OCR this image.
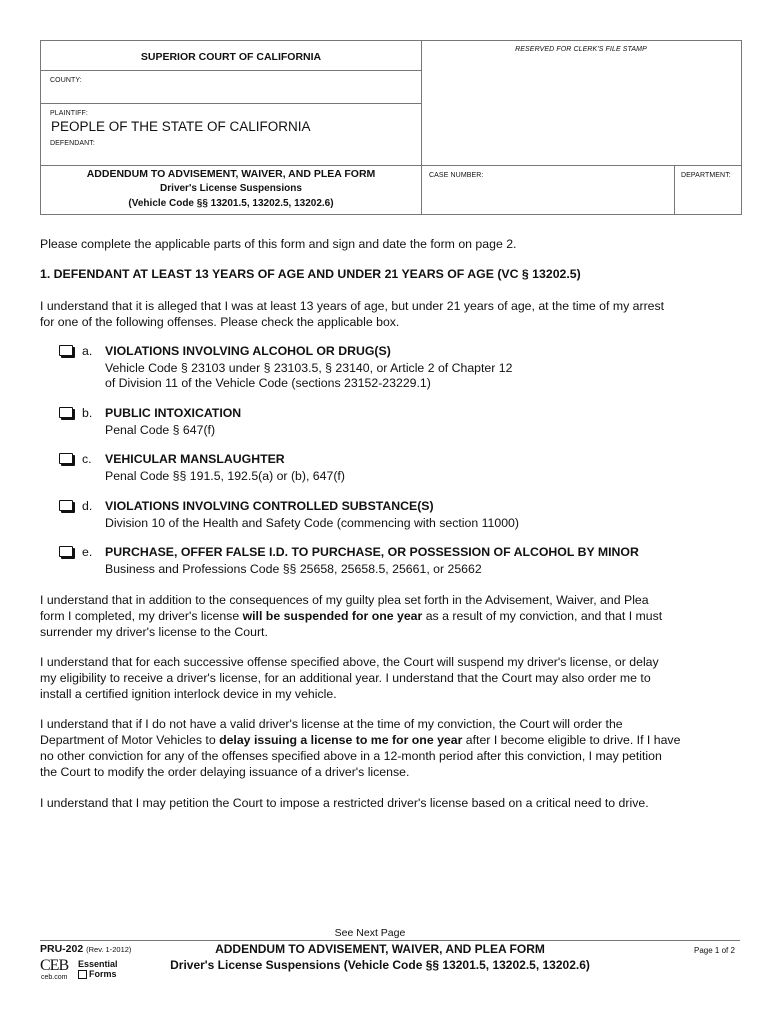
SUPERIOR COURT OF CALIFORNIA
RESERVED FOR CLERK'S FILE STAMP
COUNTY:
PLAINTIFF:
PEOPLE OF THE STATE OF CALIFORNIA
DEFENDANT:
ADDENDUM TO ADVISEMENT, WAIVER, AND PLEA FORM
Driver's License Suspensions
(Vehicle Code §§ 13201.5, 13202.5, 13202.6)
CASE NUMBER:	DEPARTMENT:
Please complete the applicable parts of this form and sign and date the form on page 2.
1. DEFENDANT AT LEAST 13 YEARS OF AGE AND UNDER 21 YEARS OF AGE (VC § 13202.5)
I understand that it is alleged that I was at least 13 years of age, but under 21 years of age, at the time of my arrest
for one of the following offenses. Please check the applicable box.
a. VIOLATIONS INVOLVING ALCOHOL OR DRUG(S)
Vehicle Code § 23103 under § 23103.5, § 23140, or Article 2 of Chapter 12
of Division 11 of the Vehicle Code (sections 23152-23229.1)
b. PUBLIC INTOXICATION
Penal Code § 647(f)
c. VEHICULAR MANSLAUGHTER
Penal Code §§ 191.5, 192.5(a) or (b), 647(f)
d. VIOLATIONS INVOLVING CONTROLLED SUBSTANCE(S)
Division 10 of the Health and Safety Code (commencing with section 11000)
e. PURCHASE, OFFER FALSE I.D. TO PURCHASE, OR POSSESSION OF ALCOHOL BY MINOR
Business and Professions Code §§ 25658, 25658.5, 25661, or 25662
I understand that in addition to the consequences of my guilty plea set forth in the Advisement, Waiver, and Plea
form I completed, my driver's license will be suspended for one year as a result of my conviction, and that I must
surrender my driver's license to the Court.
I understand that for each successive offense specified above, the Court will suspend my driver's license, or delay
my eligibility to receive a driver's license, for an additional year. I understand that the Court may also order me to
install a certified ignition interlock device in my vehicle.
I understand that if I do not have a valid driver's license at the time of my conviction, the Court will order the
Department of Motor Vehicles to delay issuing a license to me for one year after I become eligible to drive. If I have
no other conviction for any of the offenses specified above in a 12-month period after this conviction, I may petition
the Court to modify the order delaying issuance of a driver's license.
I understand that I may petition the Court to impose a restricted driver's license based on a critical need to drive.
See Next Page
PRU-202 (Rev. 1-2012)	ADDENDUM TO ADVISEMENT, WAIVER, AND PLEA FORM
Driver's License Suspensions (Vehicle Code §§ 13201.5, 13202.5, 13202.6)
Page 1 of 2
CEB
ceb.com
Essential
Forms
